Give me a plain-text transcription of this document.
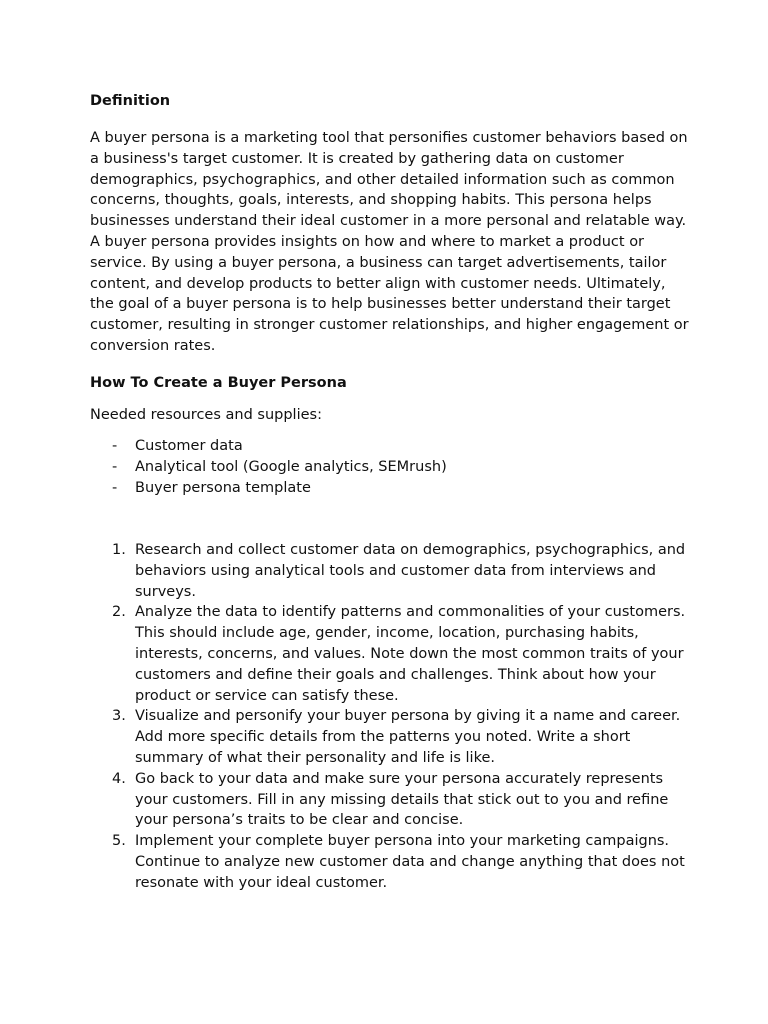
Definition

A buyer persona is a marketing tool that personifies customer behaviors based on a business's target customer. It is created by gathering data on customer demographics, psychographics, and other detailed information such as common concerns, thoughts, goals, interests, and shopping habits. This persona helps businesses understand their ideal customer in a more personal and relatable way. A buyer persona provides insights on how and where to market a product or service. By using a buyer persona, a business can target advertisements, tailor content, and develop products to better align with customer needs. Ultimately, the goal of a buyer persona is to help businesses better understand their target customer, resulting in stronger customer relationships, and higher engagement or conversion rates.

How To Create a Buyer Persona

Needed resources and supplies:

- Customer data
- Analytical tool (Google analytics, SEMrush)
- Buyer persona template
1. Research and collect customer data on demographics, psychographics, and behaviors using analytical tools and customer data from interviews and surveys.
2. Analyze the data to identify patterns and commonalities of your customers. This should include age, gender, income, location, purchasing habits, interests, concerns, and values. Note down the most common traits of your customers and define their goals and challenges. Think about how your product or service can satisfy these.
3. Visualize and personify your buyer persona by giving it a name and career. Add more specific details from the patterns you noted. Write a short summary of what their personality and life is like.
4. Go back to your data and make sure your persona accurately represents your customers. Fill in any missing details that stick out to you and refine your persona’s traits to be clear and concise.
5. Implement your complete buyer persona into your marketing campaigns. Continue to analyze new customer data and change anything that does not resonate with your ideal customer.
